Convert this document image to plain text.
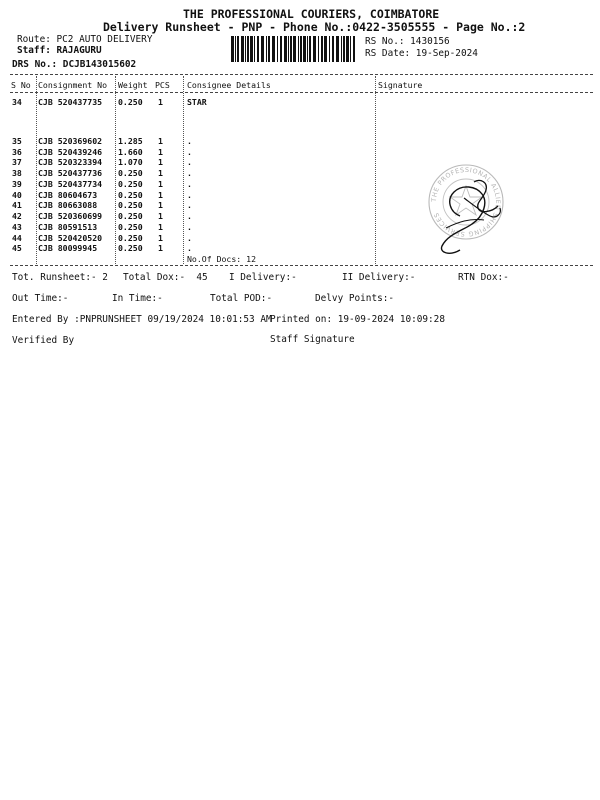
THE PROFESSIONAL COURIERS, COIMBATORE
Delivery Runsheet - PNP - Phone No.:0422-3505555 - Page No.:2
Route: PC2 AUTO DELIVERY
Staff: RAJAGURU
DRS No.: DCJB143015602
RS No.: 1430156
RS Date: 19-Sep-2024
S No Consignment No Weight PCS Consignee Details	Signature
34 CJB 520437735 0.250 1	STAR
35 CJB 520369602 1.285 1	.
36 CJB 520439246 1.660 1	.
37 CJB 520323394 1.070 1	.
38 CJB 520437736 0.250 1	.
39 CJB 520437734 0.250 1	.
40 CJB 80604673	0.250 1	.
41 CJB 80663088	0.250 1	.
42 CJB 520360699 0.250 1	.
43 CJB 80591513	0.250 1	.
44 CJB 520420520 0.250 1	.
45 CJB 80099945	0.250 1	.
No.Of Docs: 12
THE PROFESSIONAL ALLIED SHIPPING SERVICES
Tot. Runsheet:- 2 Total Dox:-  45 I Delivery:-	II Delivery:-	RTN Dox:-
Out Time:-	In Time:-	Total POD:-	Delvy Points:-
Entered By :PNPRUNSHEET 09/19/2024 10:01:53 AM
Printed on: 19-09-2024 10:09:28
Verified By	Staff Signature
